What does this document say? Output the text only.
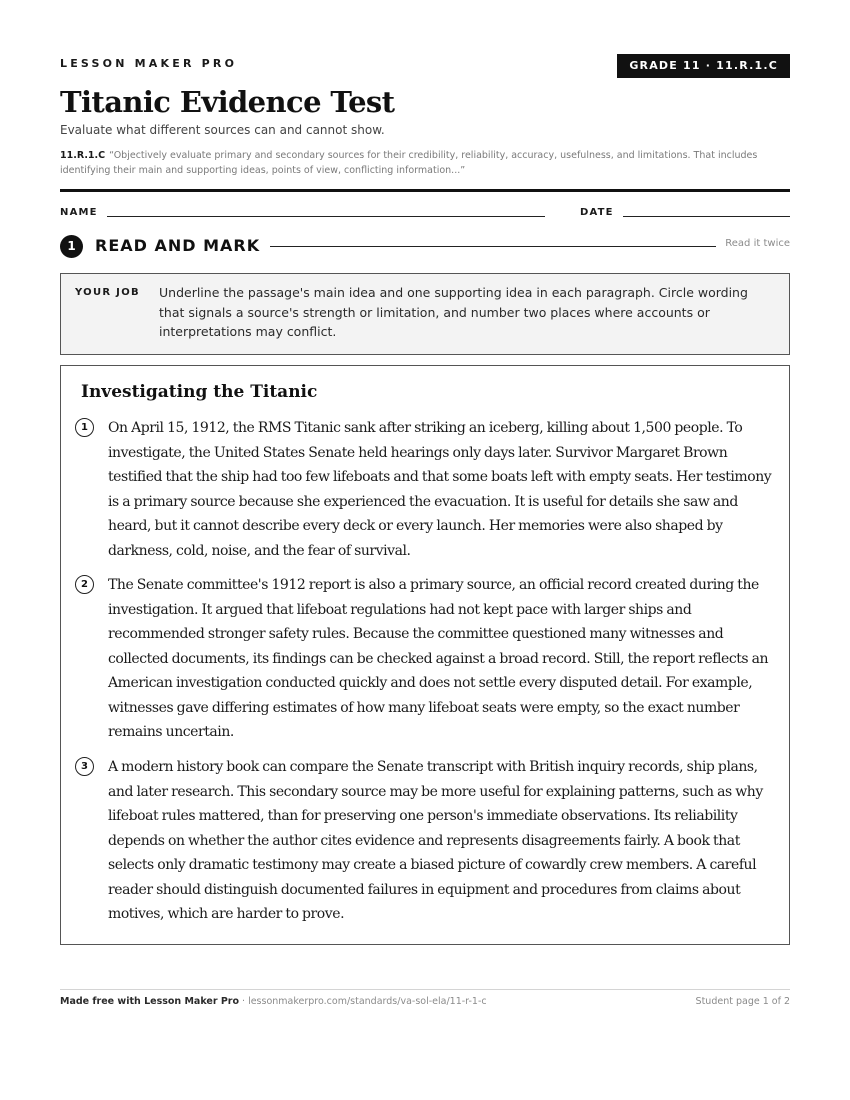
LESSON MAKER PRO	GRADE 11 · 11.R.1.C
Titanic Evidence Test
Evaluate what different sources can and cannot show.
11.R.1.C “Objectively evaluate primary and secondary sources for their credibility, reliability, accuracy, usefulness, and limitations. That includes identifying their main and supporting ideas, points of view, conflicting information...”
NAME	DATE
1	READ AND MARK	Read it twice
YOUR JOB Underline the passage's main idea and one supporting idea in each paragraph. Circle wording that signals a source's strength or limitation, and number two places where accounts or interpretations may conflict.
Investigating the Titanic
1	On April 15, 1912, the RMS Titanic sank after striking an iceberg, killing about 1,500 people. To investigate, the United States Senate held hearings only days later. Survivor Margaret Brown testified that the ship had too few lifeboats and that some boats left with empty seats. Her testimony is a primary source because she experienced the evacuation. It is useful for details she saw and heard, but it cannot describe every deck or every launch. Her memories were also shaped by darkness, cold, noise, and the fear of survival.
2	The Senate committee's 1912 report is also a primary source, an official record created during the investigation. It argued that lifeboat regulations had not kept pace with larger ships and recommended stronger safety rules. Because the committee questioned many witnesses and collected documents, its findings can be checked against a broad record. Still, the report reflects an American investigation conducted quickly and does not settle every disputed detail. For example, witnesses gave differing estimates of how many lifeboat seats were empty, so the exact number remains uncertain.
3	A modern history book can compare the Senate transcript with British inquiry records, ship plans, and later research. This secondary source may be more useful for explaining patterns, such as why lifeboat rules mattered, than for preserving one person's immediate observations. Its reliability depends on whether the author cites evidence and represents disagreements fairly. A book that selects only dramatic testimony may create a biased picture of cowardly crew members. A careful reader should distinguish documented failures in equipment and procedures from claims about motives, which are harder to prove.
Made free with Lesson Maker Pro · lessonmakerpro.com/standards/va-sol-ela/11-r-1-c	Student page 1 of 2
